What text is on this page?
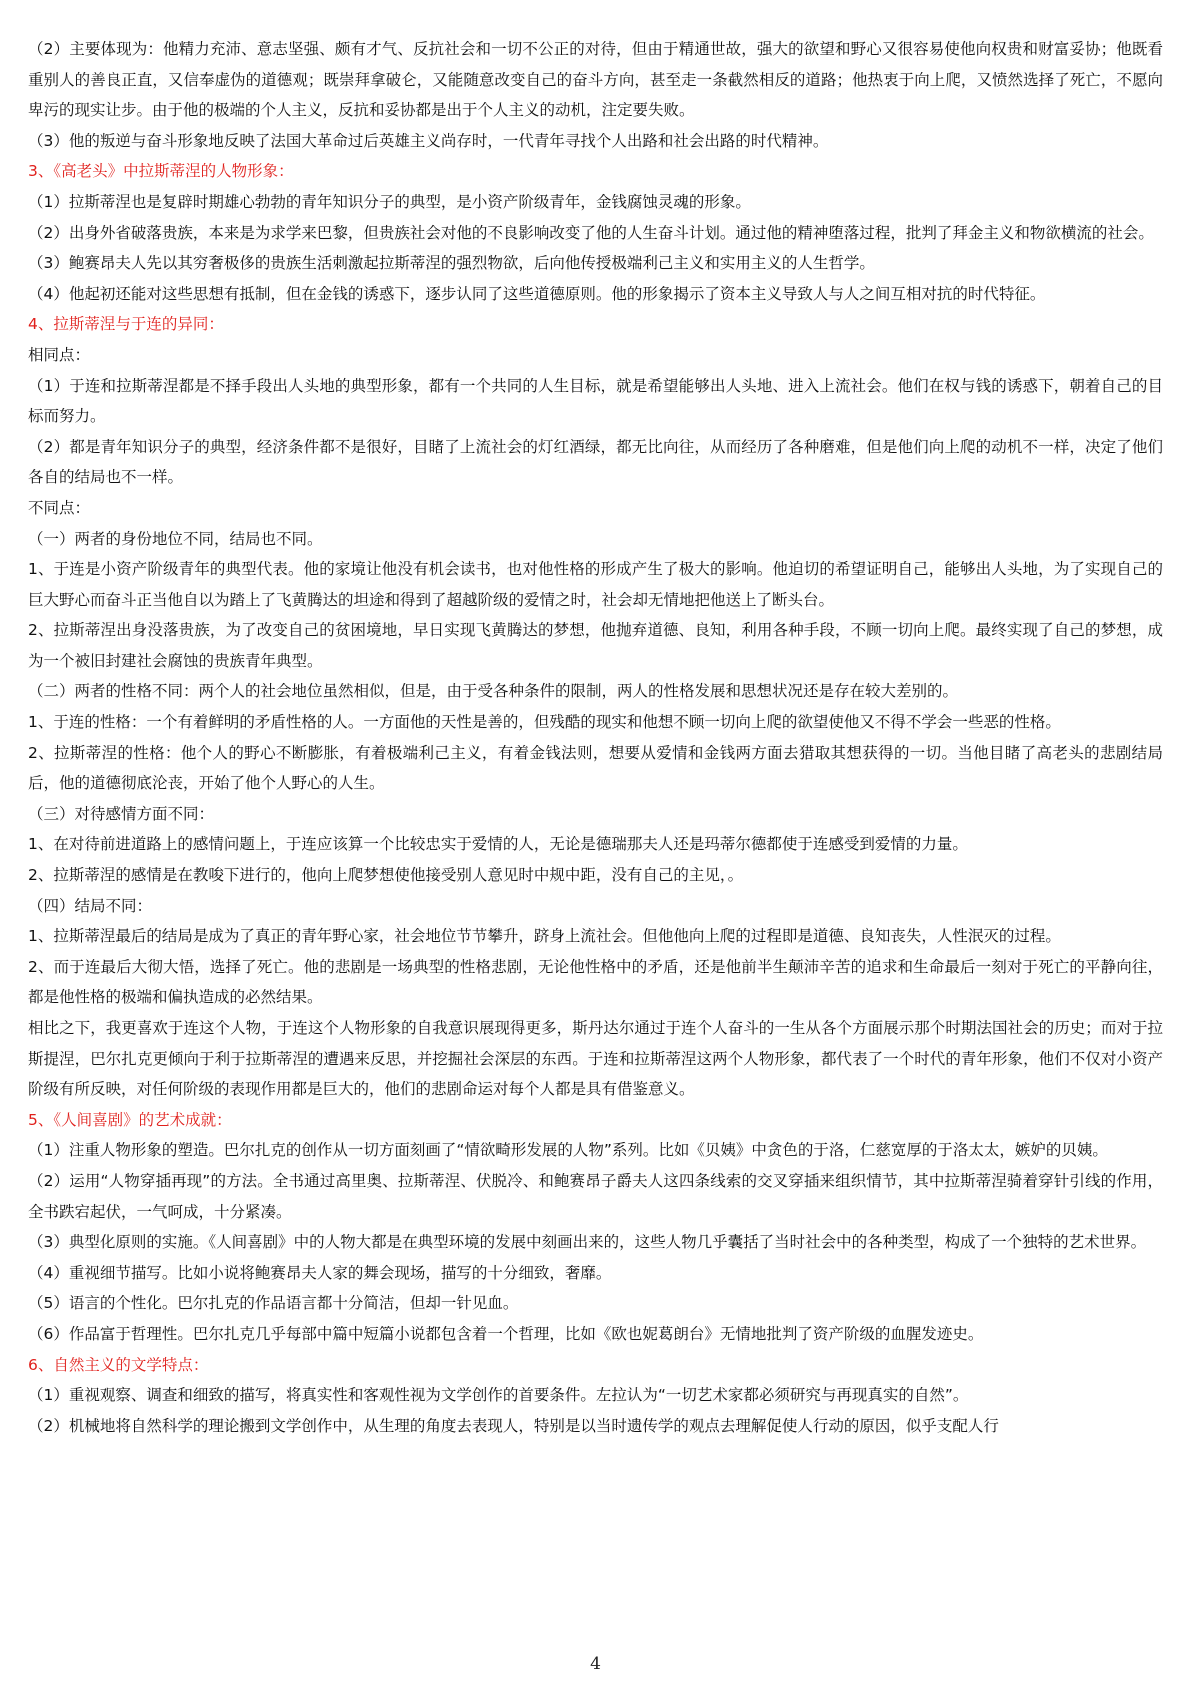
（2）主要体现为：他精力充沛、意志坚强、颇有才气、反抗社会和一切不公正的对待，但由于精通世故，强大的欲望和野心又很容易使他向权贵和财富妥协；他既看重别人的善良正直，又信奉虚伪的道德观；既崇拜拿破仑，又能随意改变自己的奋斗方向，甚至走一条截然相反的道路；他热衷于向上爬，又愤然选择了死亡，不愿向卑污的现实让步。由于他的极端的个人主义，反抗和妥协都是出于个人主义的动机，注定要失败。

（3）他的叛逆与奋斗形象地反映了法国大革命过后英雄主义尚存时，一代青年寻找个人出路和社会出路的时代精神。

3、《高老头》中拉斯蒂涅的人物形象：

（1）拉斯蒂涅也是复辟时期雄心勃勃的青年知识分子的典型，是小资产阶级青年，金钱腐蚀灵魂的形象。

（2）出身外省破落贵族，本来是为求学来巴黎，但贵族社会对他的不良影响改变了他的人生奋斗计划。通过他的精神堕落过程，批判了拜金主义和物欲横流的社会。

（3）鲍赛昂夫人先以其穷奢极侈的贵族生活刺激起拉斯蒂涅的强烈物欲，后向他传授极端利己主义和实用主义的人生哲学。

（4）他起初还能对这些思想有抵制，但在金钱的诱惑下，逐步认同了这些道德原则。他的形象揭示了资本主义导致人与人之间互相对抗的时代特征。

4、拉斯蒂涅与于连的异同：

相同点：

（1）于连和拉斯蒂涅都是不择手段出人头地的典型形象，都有一个共同的人生目标，就是希望能够出人头地、进入上流社会。他们在权与钱的诱惑下，朝着自己的目标而努力。

（2）都是青年知识分子的典型，经济条件都不是很好，目睹了上流社会的灯红酒绿，都无比向往，从而经历了各种磨难，但是他们向上爬的动机不一样，决定了他们各自的结局也不一样。

不同点：

（一）两者的身份地位不同，结局也不同。

1、于连是小资产阶级青年的典型代表。他的家境让他没有机会读书，也对他性格的形成产生了极大的影响。他迫切的希望证明自己，能够出人头地，为了实现自己的巨大野心而奋斗正当他自以为踏上了飞黄腾达的坦途和得到了超越阶级的爱情之时，社会却无情地把他送上了断头台。

2、拉斯蒂涅出身没落贵族，为了改变自己的贫困境地，早日实现飞黄腾达的梦想，他抛弃道德、良知，利用各种手段，不顾一切向上爬。最终实现了自己的梦想，成为一个被旧封建社会腐蚀的贵族青年典型。

（二）两者的性格不同：两个人的社会地位虽然相似，但是，由于受各种条件的限制，两人的性格发展和思想状况还是存在较大差别的。

1、于连的性格：一个有着鲜明的矛盾性格的人。一方面他的天性是善的，但残酷的现实和他想不顾一切向上爬的欲望使他又不得不学会一些恶的性格。

2、拉斯蒂涅的性格：他个人的野心不断膨胀，有着极端利己主义，有着金钱法则，想要从爱情和金钱两方面去猎取其想获得的一切。当他目睹了高老头的悲剧结局后，他的道德彻底沦丧，开始了他个人野心的人生。

（三）对待感情方面不同：

1、在对待前进道路上的感情问题上，于连应该算一个比较忠实于爱情的人，无论是德瑞那夫人还是玛蒂尔德都使于连感受到爱情的力量。

2、拉斯蒂涅的感情是在教唆下进行的，他向上爬梦想使他接受别人意见时中规中距，没有自己的主见，。

（四）结局不同：

1、拉斯蒂涅最后的结局是成为了真正的青年野心家，社会地位节节攀升，跻身上流社会。但他他向上爬的过程即是道德、良知丧失，人性泯灭的过程。

2、而于连最后大彻大悟，选择了死亡。他的悲剧是一场典型的性格悲剧，无论他性格中的矛盾，还是他前半生颠沛辛苦的追求和生命最后一刻对于死亡的平静向往，都是他性格的极端和偏执造成的必然结果。

相比之下，我更喜欢于连这个人物，于连这个人物形象的自我意识展现得更多，斯丹达尔通过于连个人奋斗的一生从各个方面展示那个时期法国社会的历史；而对于拉斯提涅，巴尔扎克更倾向于利于拉斯蒂涅的遭遇来反思，并挖掘社会深层的东西。于连和拉斯蒂涅这两个人物形象，都代表了一个时代的青年形象，他们不仅对小资产阶级有所反映，对任何阶级的表现作用都是巨大的，他们的悲剧命运对每个人都是具有借鉴意义。

5、《人间喜剧》的艺术成就：

（1）注重人物形象的塑造。巴尔扎克的创作从一切方面刻画了“情欲畸形发展的人物”系列。比如《贝姨》中贪色的于洛，仁慈宽厚的于洛太太，嫉妒的贝姨。

（2）运用“人物穿插再现”的方法。全书通过高里奥、拉斯蒂涅、伏脱冷、和鲍赛昂子爵夫人这四条线索的交叉穿插来组织情节，其中拉斯蒂涅骑着穿针引线的作用，全书跌宕起伏，一气呵成，十分紧凑。

（3）典型化原则的实施。《人间喜剧》中的人物大都是在典型环境的发展中刻画出来的，这些人物几乎囊括了当时社会中的各种类型，构成了一个独特的艺术世界。

（4）重视细节描写。比如小说将鲍赛昂夫人家的舞会现场，描写的十分细致，奢靡。

（5）语言的个性化。巴尔扎克的作品语言都十分简洁，但却一针见血。

（6）作品富于哲理性。巴尔扎克几乎每部中篇中短篇小说都包含着一个哲理，比如《欧也妮葛朗台》无情地批判了资产阶级的血腥发迹史。

6、自然主义的文学特点：

（1）重视观察、调查和细致的描写，将真实性和客观性视为文学创作的首要条件。左拉认为“一切艺术家都必须研究与再现真实的自然”。

（2）机械地将自然科学的理论搬到文学创作中，从生理的角度去表现人，特别是以当时遗传学的观点去理解促使人行动的原因，似乎支配人行

4
